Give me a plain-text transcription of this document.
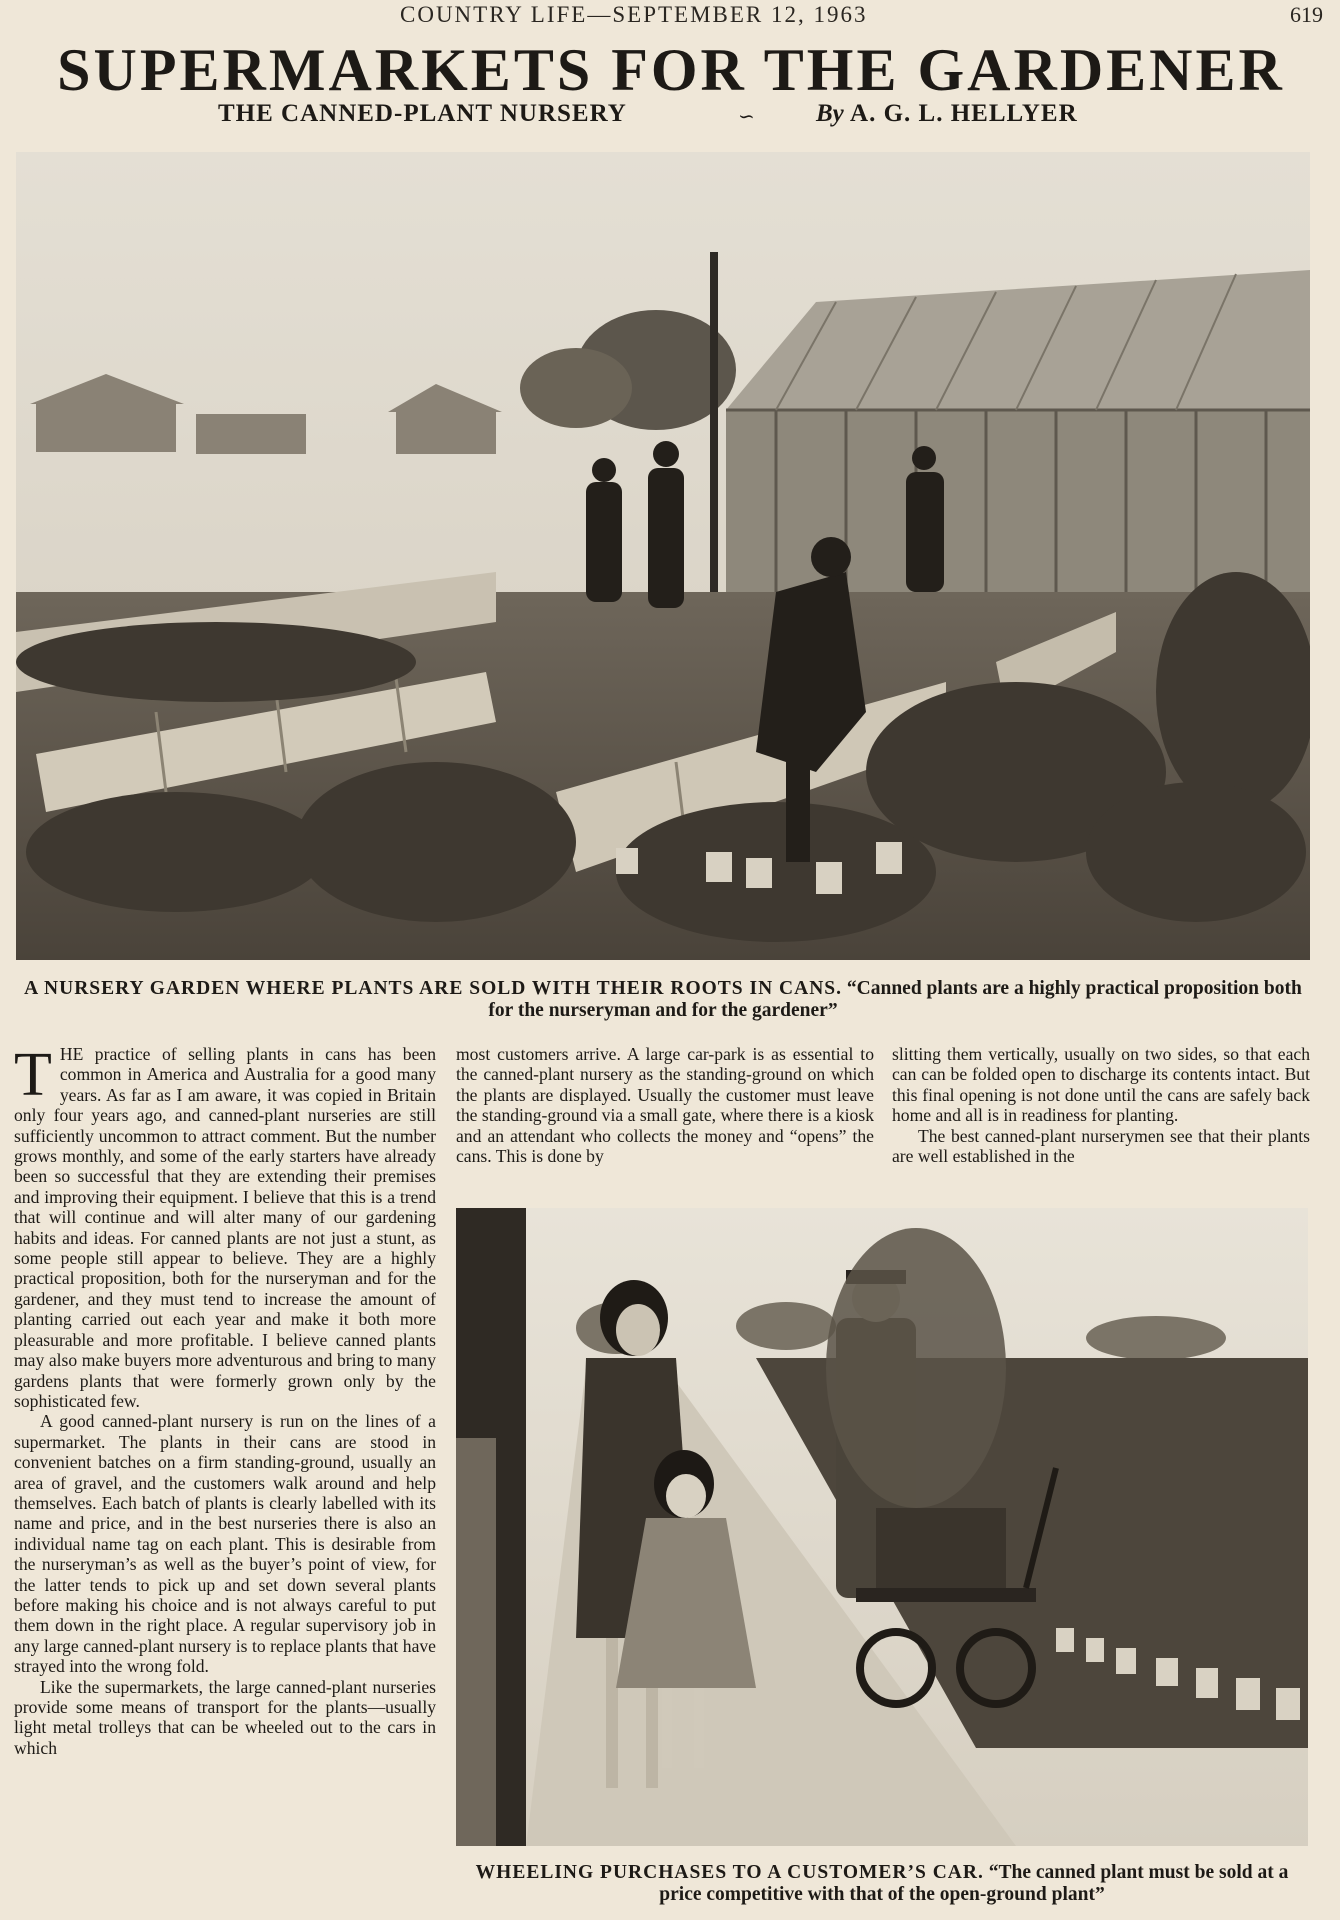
COUNTRY LIFE—SEPTEMBER 12, 1963	619
SUPERMARKETS FOR THE GARDENER
THE CANNED-PLANT NURSERY	∽ By A. G. L. HELLYER
A NURSERY GARDEN WHERE PLANTS ARE SOLD WITH THEIR ROOTS IN CANS. “Canned plants are a highly practical proposition both for the nurseryman and for the gardener”

THE practice of selling plants in cans has been common in America and Australia for a good many years. As far as I am aware, it was copied in Britain only four years ago, and canned-plant nurseries are still sufficiently uncommon to attract comment. But the number grows monthly, and some of the early starters have already been so successful that they are extending their premises and improving their equipment. I believe that this is a trend that will continue and will alter many of our gardening habits and ideas. For canned plants are not just a stunt, as some people still appear to believe. They are a highly practical proposition, both for the nurseryman and for the gardener, and they must tend to increase the amount of planting carried out each year and make it both more pleasurable and more profitable. I believe canned plants may also make buyers more adventurous and bring to many gardens plants that were formerly grown only by the sophisticated few.

A good canned-plant nursery is run on the lines of a supermarket. The plants in their cans are stood in convenient batches on a firm standing-ground, usually an area of gravel, and the customers walk around and help themselves. Each batch of plants is clearly labelled with its name and price, and in the best nurseries there is also an individual name tag on each plant. This is desirable from the nurseryman’s as well as the buyer’s point of view, for the latter tends to pick up and set down several plants before making his choice and is not always careful to put them down in the right place. A regular supervisory job in any large canned-plant nursery is to replace plants that have strayed into the wrong fold.

Like the supermarkets, the large canned-plant nurseries provide some means of transport for the plants—usually light metal trolleys that can be wheeled out to the cars in which

most customers arrive. A large car-park is as essential to the canned-plant nursery as the standing-ground on which the plants are displayed. Usually the customer must leave the standing-ground via a small gate, where there is a kiosk and an attendant who collects the money and “opens” the cans. This is done by

slitting them vertically, usually on two sides, so that each can can be folded open to discharge its contents intact. But this final opening is not done until the cans are safely back home and all is in readiness for planting.

The best canned-plant nurserymen see that their plants are well established in the

WHEELING PURCHASES TO A CUSTOMER’S CAR. “The canned plant must be sold at a price competitive with that of the open-ground plant”
